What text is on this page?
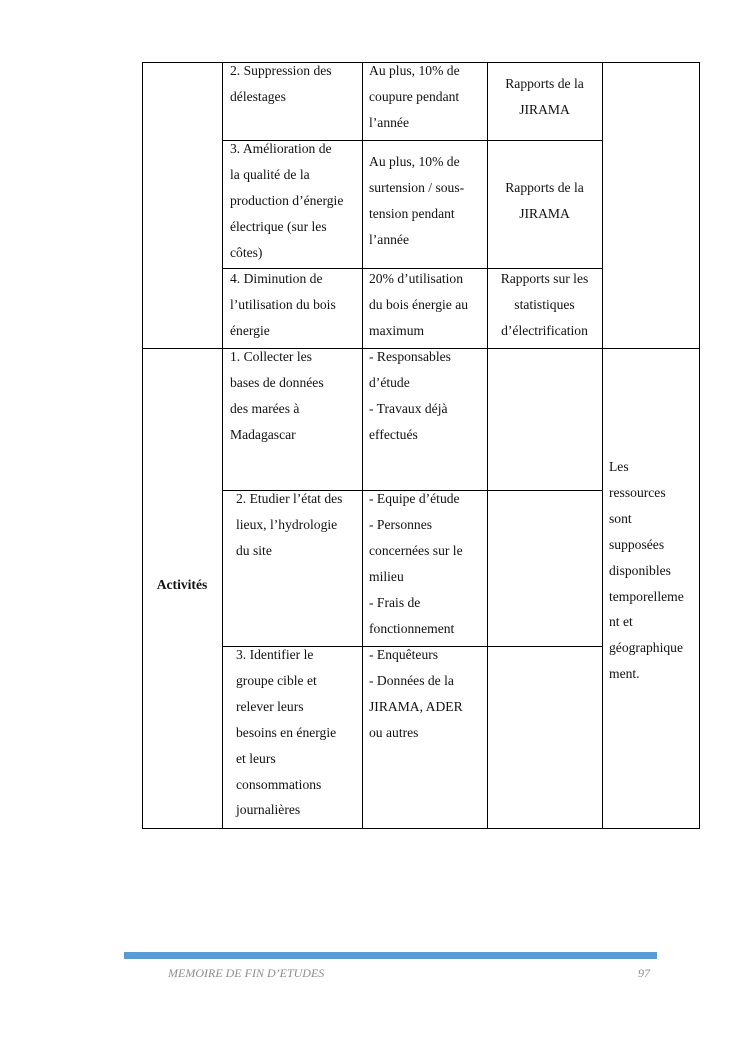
2. Suppression des
délestages
Au plus, 10% de
coupure pendant
l’année
Rapports de la
JIRAMA
3. Amélioration de
la qualité de la
production d’énergie
électrique (sur les
côtes)
Au plus, 10% de
surtension / sous-
tension pendant
l’année
Rapports de la
JIRAMA
4. Diminution de
l’utilisation du bois
énergie
20% d’utilisation
du bois énergie au
maximum
Rapports sur les
statistiques
d’électrification
Activités
1. Collecter les
bases de données
des marées à
Madagascar
- Responsables
d’étude
- Travaux déjà
effectués
2. Etudier l’état des
lieux, l’hydrologie
du site
- Equipe d’étude
- Personnes
concernées sur le
milieu
- Frais de
fonctionnement
3. Identifier le
groupe cible et
relever leurs
besoins en énergie
et leurs
consommations
journalières
- Enquêteurs
- Données de la
JIRAMA, ADER
ou autres
Les
ressources
sont
supposées
disponibles
temporelleme
nt et
géographique
ment.
MEMOIRE DE FIN D’ETUDES	97
